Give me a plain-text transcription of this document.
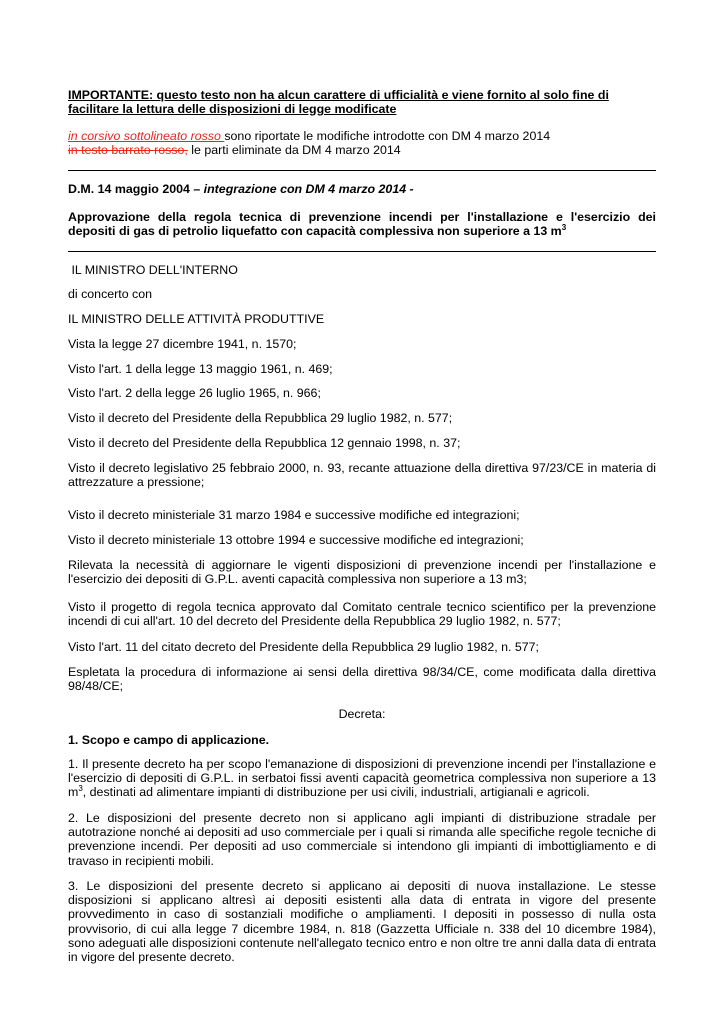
IMPORTANTE: questo testo non ha alcun carattere di ufficialità e viene fornito al solo fine di facilitare la lettura delle disposizioni di legge modificate
in corsivo sottolineato rosso sono riportate le modifiche introdotte con DM 4 marzo 2014
in testo barrato rosso, le parti eliminate da DM 4 marzo 2014
D.M. 14 maggio 2004 – integrazione con DM 4 marzo 2014 -
Approvazione della regola tecnica di prevenzione incendi per l'installazione e l'esercizio dei depositi di gas di petrolio liquefatto con capacità complessiva non superiore a 13 $m^3$
IL MINISTRO DELL'INTERNO
di concerto con
IL MINISTRO DELLE ATTIVITÀ PRODUTTIVE
Vista la legge 27 dicembre 1941, n. 1570;
Visto l'art. 1 della legge 13 maggio 1961, n. 469;
Visto l'art. 2 della legge 26 luglio 1965, n. 966;
Visto il decreto del Presidente della Repubblica 29 luglio 1982, n. 577;
Visto il decreto del Presidente della Repubblica 12 gennaio 1998, n. 37;
Visto il decreto legislativo 25 febbraio 2000, n. 93, recante attuazione della direttiva 97/23/CE in materia di attrezzature a pressione;
Visto il decreto ministeriale 31 marzo 1984 e successive modifiche ed integrazioni;
Visto il decreto ministeriale 13 ottobre 1994 e successive modifiche ed integrazioni;
Rilevata la necessità di aggiornare le vigenti disposizioni di prevenzione incendi per l'installazione e l'esercizio dei depositi di G.P.L. aventi capacità complessiva non superiore a 13 m3;
Visto il progetto di regola tecnica approvato dal Comitato centrale tecnico scientifico per la prevenzione incendi di cui all'art. 10 del decreto del Presidente della Repubblica 29 luglio 1982, n. 577;
Visto l'art. 11 del citato decreto del Presidente della Repubblica 29 luglio 1982, n. 577;
Espletata la procedura di informazione ai sensi della direttiva 98/34/CE, come modificata dalla direttiva 98/48/CE;
Decreta:
1. Scopo e campo di applicazione.
1. Il presente decreto ha per scopo l'emanazione di disposizioni di prevenzione incendi per l'installazione e l'esercizio di depositi di G.P.L. in serbatoi fissi aventi capacità geometrica complessiva non superiore a 13 $m^3$, destinati ad alimentare impianti di distribuzione per usi civili, industriali, artigianali e agricoli.
2. Le disposizioni del presente decreto non si applicano agli impianti di distribuzione stradale per autotrazione nonché ai depositi ad uso commerciale per i quali si rimanda alle specifiche regole tecniche di prevenzione incendi. Per depositi ad uso commerciale si intendono gli impianti di imbottigliamento e di travaso in recipienti mobili.
3. Le disposizioni del presente decreto si applicano ai depositi di nuova installazione. Le stesse disposizioni si applicano altresì ai depositi esistenti alla data di entrata in vigore del presente provvedimento in caso di sostanziali modifiche o ampliamenti. I depositi in possesso di nulla osta provvisorio, di cui alla legge 7 dicembre 1984, n. 818 (Gazzetta Ufficiale n. 338 del 10 dicembre 1984), sono adeguati alle disposizioni contenute nell'allegato tecnico entro e non oltre tre anni dalla data di entrata in vigore del presente decreto.
